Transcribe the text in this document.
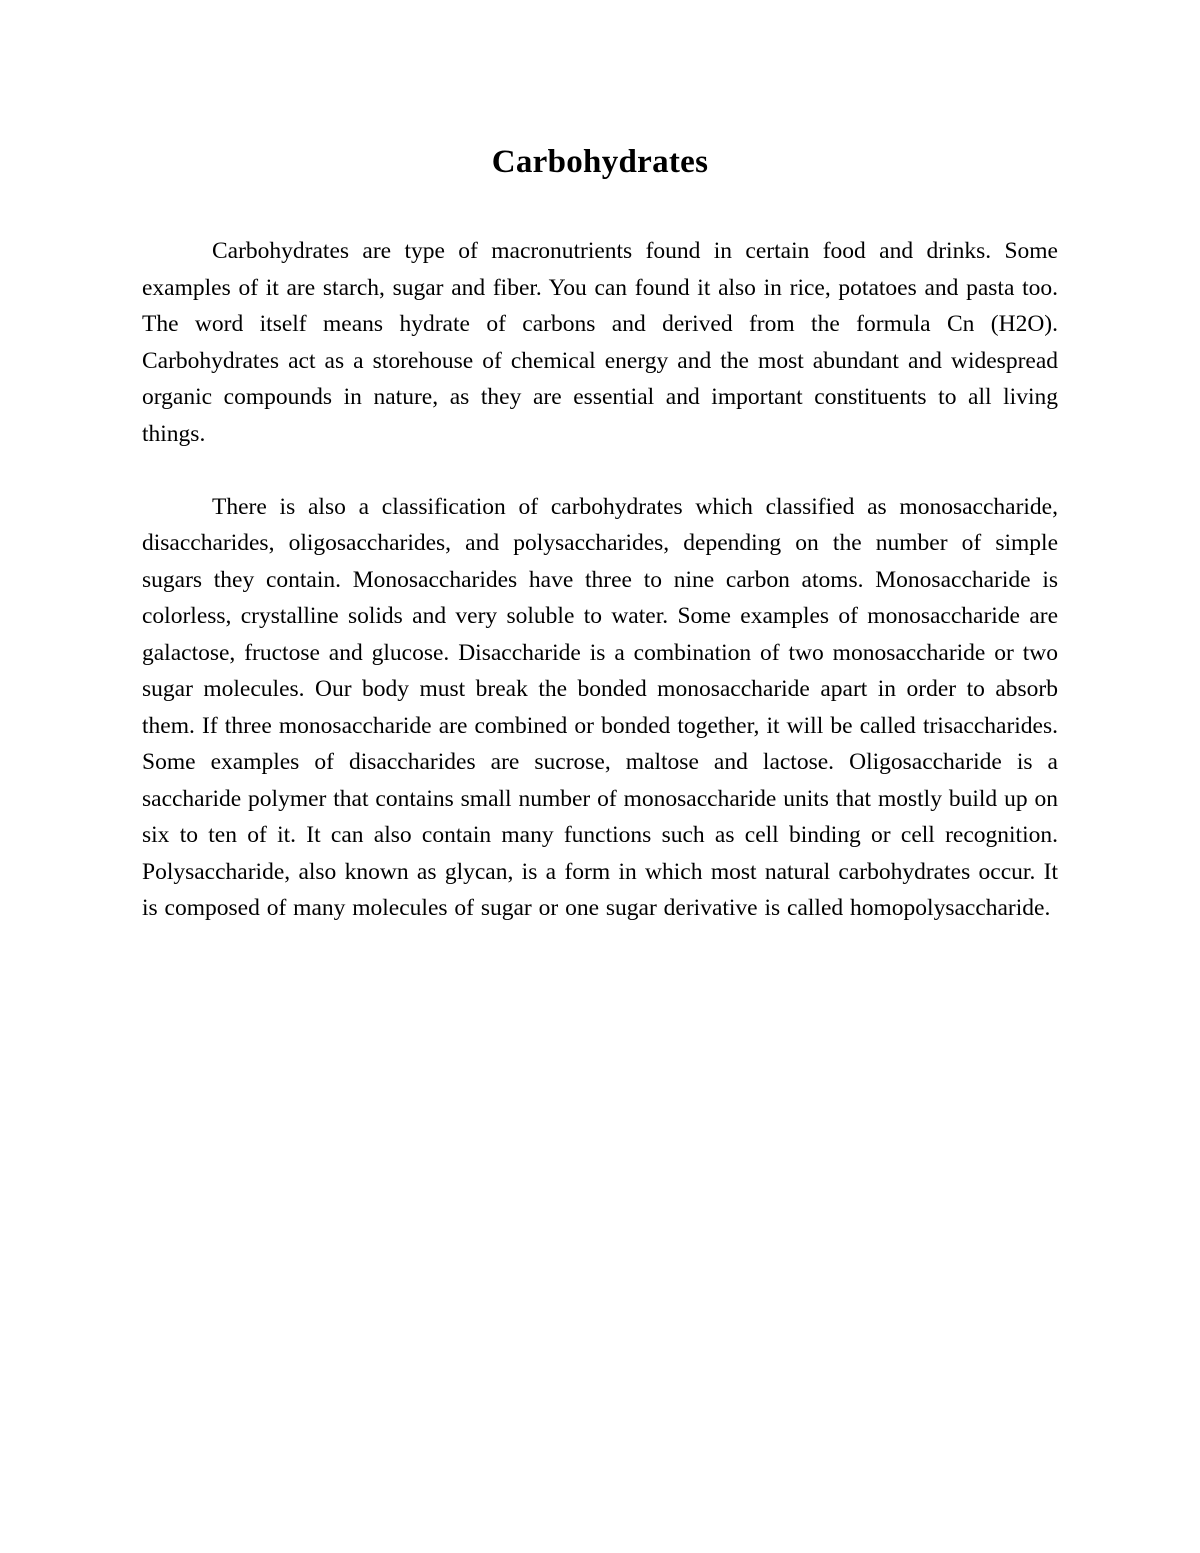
Carbohydrates

Carbohydrates are type of macronutrients found in certain food and drinks. Some examples of it are starch, sugar and fiber. You can found it also in rice, potatoes and pasta too. The word itself means hydrate of carbons and derived from the formula Cn (H2O). Carbohydrates act as a storehouse of chemical energy and the most abundant and widespread organic compounds in nature, as they are essential and important constituents to all living things.

There is also a classification of carbohydrates which classified as monosaccharide, disaccharides, oligosaccharides, and polysaccharides, depending on the number of simple sugars they contain. Monosaccharides have three to nine carbon atoms. Monosaccharide is colorless, crystalline solids and very soluble to water. Some examples of monosaccharide are galactose, fructose and glucose. Disaccharide is a combination of two monosaccharide or two sugar molecules. Our body must break the bonded monosaccharide apart in order to absorb them. If three monosaccharide are combined or bonded together, it will be called trisaccharides. Some examples of disaccharides are sucrose, maltose and lactose. Oligosaccharide is a saccharide polymer that contains small number of monosaccharide units that mostly build up on six to ten of it. It can also contain many functions such as cell binding or cell recognition. Polysaccharide, also known as glycan, is a form in which most natural carbohydrates occur. It is composed of many molecules of sugar or one sugar derivative is called homopolysaccharide.
